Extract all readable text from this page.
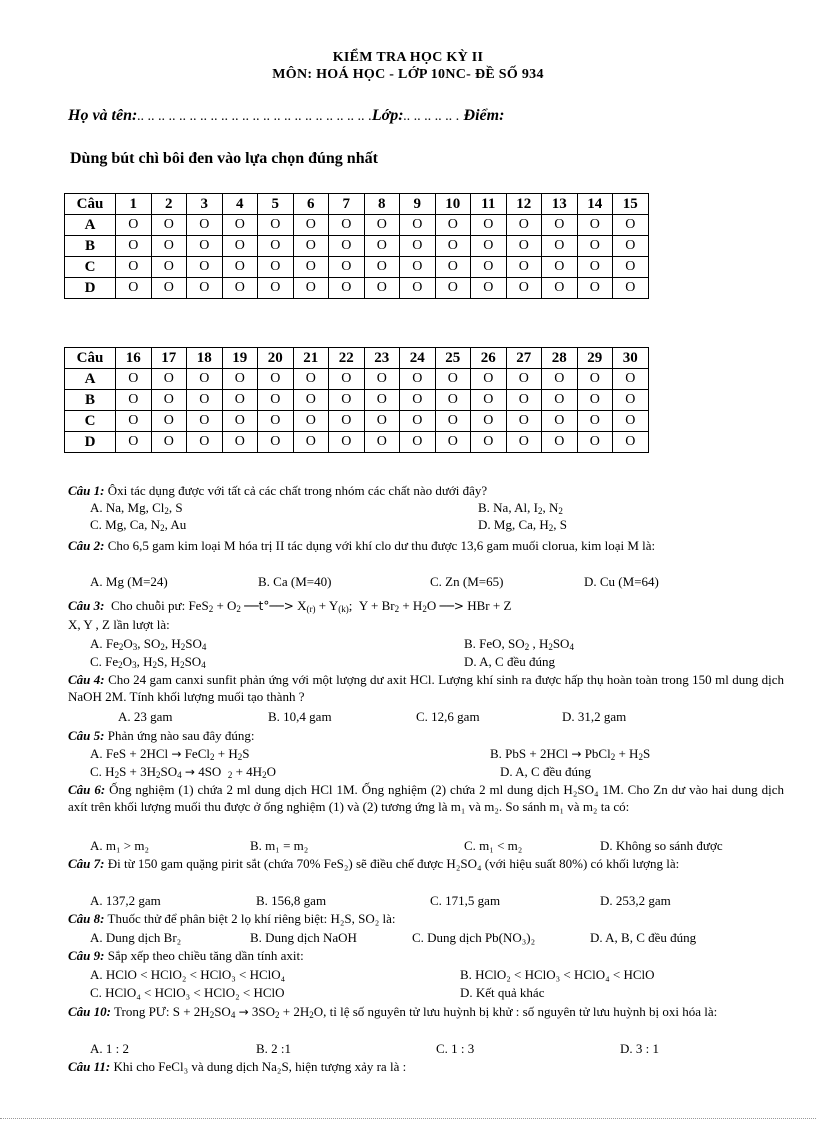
KIỂM TRA HỌC KỲ II
MÔN: HOÁ HỌC - LỚP 10NC- ĐỀ SỐ 934
Họ và tên:.. .. .. .. .. .. .. .. .. .. .. .. .. .. .. .. .. .. .. .. .. .. .Lớp:.. .. .. .. .. . Điểm:
Dùng bút chì bôi đen vào lựa chọn đúng nhất
Câu	1	2	3	4	5	6	7	8	9	10	11	12	13	14	15
A	O	O	O	O	O	O	O	O	O	O	O	O	O	O	O
B	O	O	O	O	O	O	O	O	O	O	O	O	O	O	O
C	O	O	O	O	O	O	O	O	O	O	O	O	O	O	O
D	O	O	O	O	O	O	O	O	O	O	O	O	O	O	O
Câu	16	17	18	19	20	21	22	23	24	25	26	27	28	29	30
A	O	O	O	O	O	O	O	O	O	O	O	O	O	O	O
B	O	O	O	O	O	O	O	O	O	O	O	O	O	O	O
C	O	O	O	O	O	O	O	O	O	O	O	O	O	O	O
D	O	O	O	O	O	O	O	O	O	O	O	O	O	O	O
Câu 1: Ôxi tác dụng được với tất cả các chất trong nhóm các chất nào dưới đây?
A. Na, Mg, $Cl_2$, S	B. Na, Al, $I_2$, $N_2$
C. Mg, Ca, $N_2$, Au	D. Mg, Ca, $H_2$, S
Câu 2: Cho 6,5 gam kim loại M hóa trị II tác dụng với khí clo dư thu được 13,6 gam muối clorua, kim loại M là:
A. Mg (M=24)	B. Ca (M=40)	C. Zn (M=65)	D. Cu (M=64)
Câu 3:  Cho chuỗi pư: $FeS_2 + O_2$ ──t°──> $X_{(r)} + Y_{(k)}$;  $Y + Br_2 + H_2O$ ──> HBr + Z
X, Y , Z lần lượt là:
A. $Fe_2O_3$, $SO_2$, $H_2SO_4$	B. FeO, $SO_2$ , $H_2SO_4$
C. $Fe_2O_3$, $H_2S$, $H_2SO_4$	D. A, C đều đúng
Câu 4: Cho 24 gam canxi sunfit phản ứng với một lượng dư axit HCl. Lượng khí sinh ra được hấp thụ hoàn toàn trong 150 ml dung dịch NaOH 2M. Tính khối lượng muối tạo thành ?
A. 23 gam	B. 10,4 gam	C. 12,6 gam	D. 31,2 gam
Câu 5: Phản ứng nào sau đây đúng:
A. FeS + 2HCl → FeCl$_2$ + $H_2S$	B. PbS + 2HCl → PbCl$_2$ + $H_2S$
C. $H_2S + 3H_2SO_4 \to 4SO$  $_2 + 4H_2O$	D. A, C đều đúng
Câu 6: Ống nghiệm (1) chứa 2 ml dung dịch HCl 1M. Ống nghiệm (2) chứa 2 ml dung dịch H₂SO₄ 1M. Cho Zn dư vào hai dung dịch axít trên khối lượng muối thu được ở ống nghiệm (1) và (2) tương ứng là m₁ và m₂. So sánh m₁ và m₂ ta có:
A. m₁ > m₂	B. m₁ = m₂	C. m₁ < m₂	D. Không so sánh được
Câu 7: Đi từ 150 gam quặng pirit sắt (chứa 70% FeS₂) sẽ điều chế được H₂SO₄ (với hiệu suất 80%) có khối lượng là:
A. 137,2 gam	B. 156,8 gam	C. 171,5 gam	D. 253,2 gam
Câu 8: Thuốc thử để phân biệt 2 lọ khí riêng biệt: H₂S, SO₂ là:
A. Dung dịch Br₂	B. Dung dịch NaOH	C. Dung dịch Pb(NO₃)₂	D. A, B, C đều đúng
Câu 9: Sắp xếp theo chiều tăng dần tính axit:
A. HClO < HClO₂ < HClO₃ < HClO₄	B. HClO₂ < HClO₃ < HClO₄ < HClO
C. HClO₄ < HClO₃ < HClO₂ < HClO	D. Kết quả khác
Câu 10: Trong PƯ: $S + 2H_2SO_4 \to 3SO_2 + 2H_2O$, tỉ lệ số nguyên tử lưu huỳnh bị khử : số nguyên tử lưu huỳnh bị oxi hóa là:
A. 1 : 2	B. 2 :1	C. 1 : 3	D. 3 : 1
Câu 11: Khi cho FeCl₃ và dung dịch Na₂S, hiện tượng xảy ra là :
